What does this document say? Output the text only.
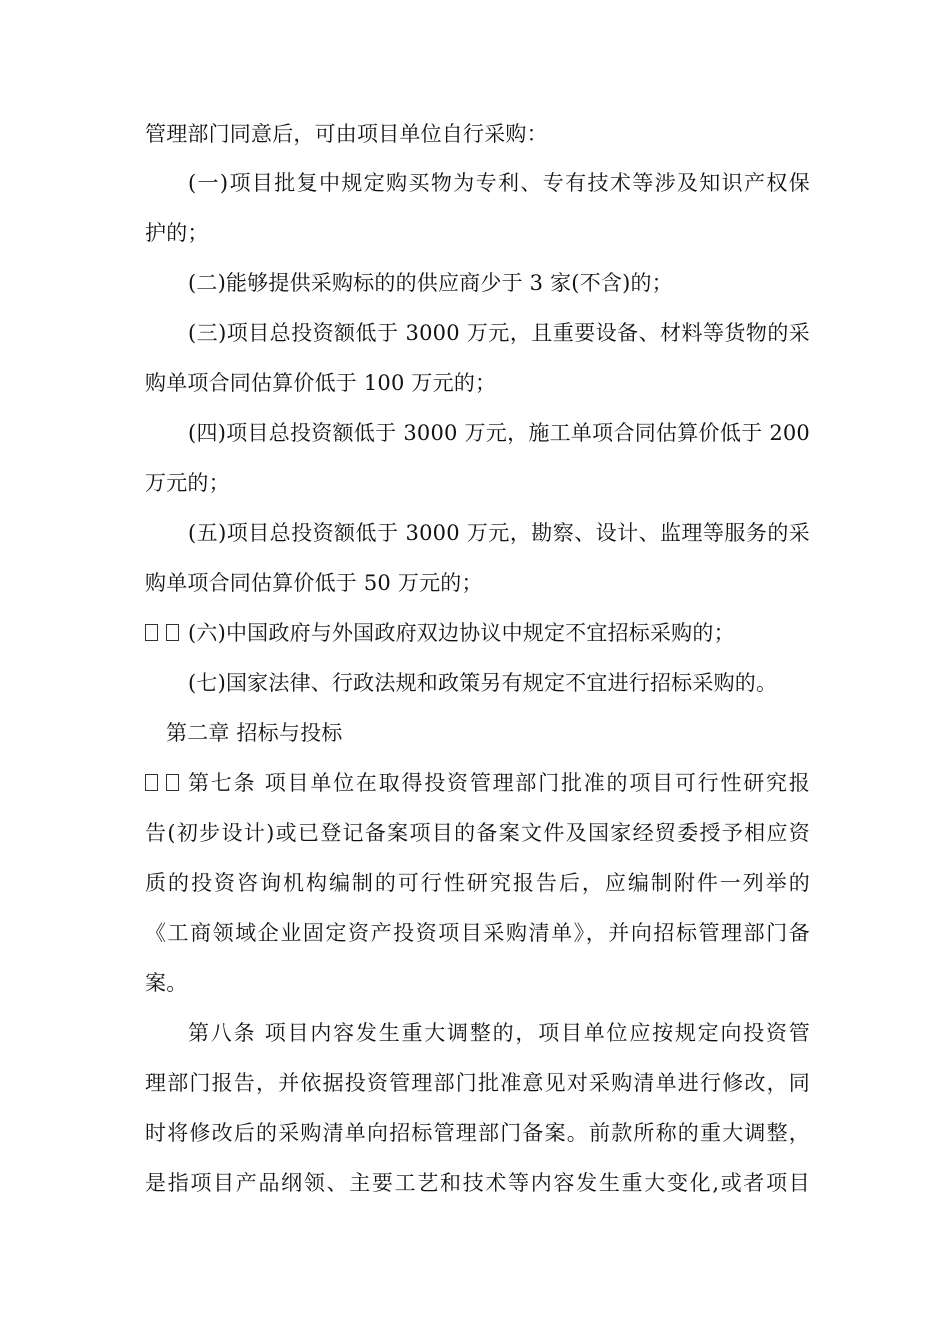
管理部门同意后，可由项目单位自行采购：
(一)项目批复中规定购买物为专利、专有技术等涉及知识产权保
护的；
(二)能够提供采购标的的供应商少于 3 家(不含)的；
(三)项目总投资额低于 3000 万元，且重要设备、材料等货物的采
购单项合同估算价低于 100 万元的；
(四)项目总投资额低于 3000 万元，施工单项合同估算价低于 200
万元的；
(五)项目总投资额低于 3000 万元，勘察、设计、监理等服务的采
购单项合同估算价低于 50 万元的；
(六)中国政府与外国政府双边协议中规定不宜招标采购的；
(七)国家法律、行政法规和政策另有规定不宜进行招标采购的。
第二章 招标与投标
第七条 项目单位在取得投资管理部门批准的项目可行性研究报
告(初步设计)或已登记备案项目的备案文件及国家经贸委授予相应资
质的投资咨询机构编制的可行性研究报告后，应编制附件一列举的
《工商领域企业固定资产投资项目采购清单》，并向招标管理部门备
案。
第八条 项目内容发生重大调整的，项目单位应按规定向投资管
理部门报告，并依据投资管理部门批准意见对采购清单进行修改，同
时将修改后的采购清单向招标管理部门备案。前款所称的重大调整，
是指项目产品纲领、主要工艺和技术等内容发生重大变化,或者项目
